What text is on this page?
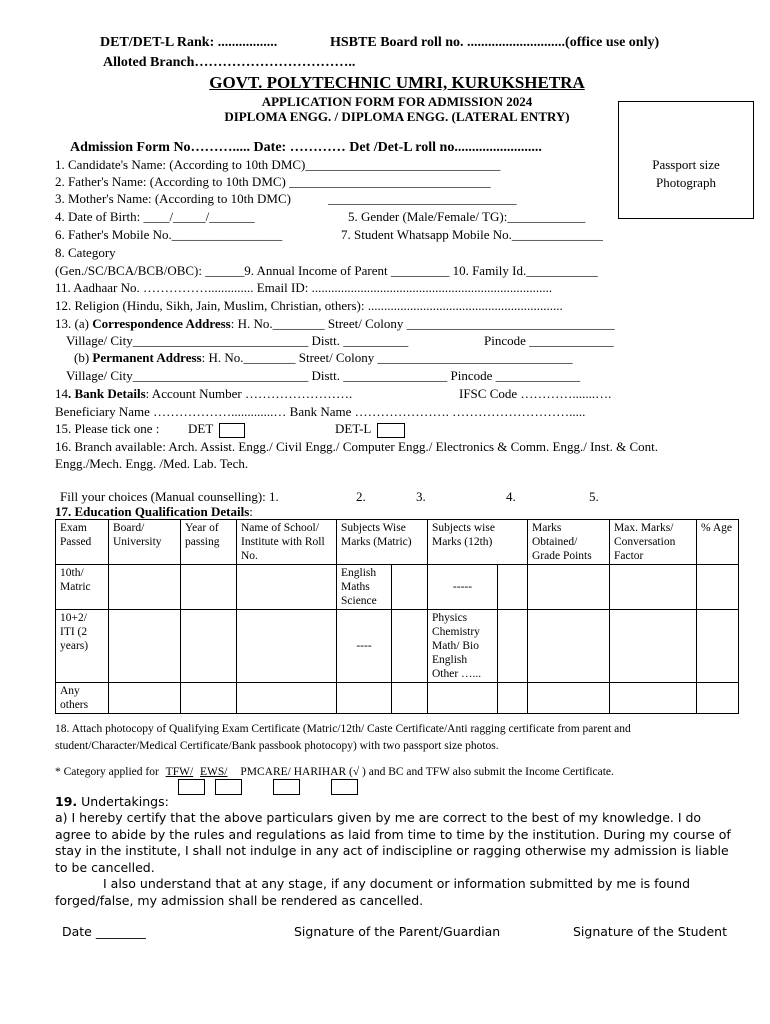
DET/DET-L Rank: .................	HSBTE Board roll no. ............................(office use only)
Alloted Branch……………………………..
GOVT. POLYTECHNIC UMRI, KURUKSHETRA
APPLICATION FORM FOR ADMISSION 2024
DIPLOMA ENGG. / DIPLOMA ENGG. (LATERAL ENTRY)
Passport size
Photograph
Admission Form No………..... Date: ………… Det /Det-L roll no.........................
1. Candidate's Name: (According to 10th DMC)______________________________
2. Father's Name: (According to 10th DMC) _______________________________
3. Mother's Name: (According to 10th DMC)	_____________________________
4. Date of Birth: ____/_____/_______	5. Gender (Male/Female/ TG):____________
6. Father's Mobile No._________________	7. Student Whatsapp Mobile No.______________
8. Category
(Gen./SC/BCA/BCB/OBC): ______9. Annual Income of Parent _________ 10. Family Id.___________
11. Aadhaar No. …………….............. Email ID: ..........................................................................
12. Religion (Hindu, Sikh, Jain, Muslim, Christian, others): ............................................................
13. (a) Correspondence Address: H. No.________ Street/ Colony ________________________________
Village/ City___________________________ Distt. __________	Pincode _____________
(b) Permanent Address: H. No.________ Street/ Colony ______________________________
Village/ City___________________________ Distt. ________________ Pincode _____________
14. Bank Details: Account Number …………………….	IFSC Code ………….......….
Beneficiary Name ……………….............… Bank Name …………………. ……………………….....
15. Please tick one : DET	DET-L
16. Branch available: Arch. Assist. Engg./ Civil Engg./ Computer Engg./ Electronics & Comm. Engg./ Inst. & Cont.
Engg./Mech. Engg. /Med. Lab. Tech.
Fill your choices (Manual counselling): 1.	2.	3.	4.	5.
17. Education Qualification Details:
Exam Passed	Board/ University	Year of passing	Name of School/ Institute with Roll No.	Subjects Wise Marks (Matric)		Subjects wise Marks (12th)		Marks Obtained/ Grade Points	Max. Marks/ Conversation Factor	% Age
10th/ Matric				English Maths Science		-----				
10+2/ ITI (2 years)				----		Physics Chemistry Math/ Bio English Other …...				
Any others										
18. Attach photocopy of Qualifying Exam Certificate (Matric/12th/ Caste Certificate/Anti ragging certificate from parent and student/Character/Medical Certificate/Bank passbook photocopy) with two passport size photos.
* Category applied for TFW/ EWS/ PMCARE/ HARIHAR (√ ) and BC and TFW also submit the Income Certificate.
19. Undertakings:
a) I hereby certify that the above particulars given by me are correct to the best of my knowledge. I do agree to abide by the rules and regulations as laid from time to time by the institution. During my course of stay in the institute, I shall not indulge in any act of indiscipline or ragging otherwise my admission is liable to be cancelled.
I also understand that at any stage, if any document or information submitted by me is found forged/false, my admission shall be rendered as cancelled.
Date ________	Signature of the Parent/Guardian	Signature of the Student
